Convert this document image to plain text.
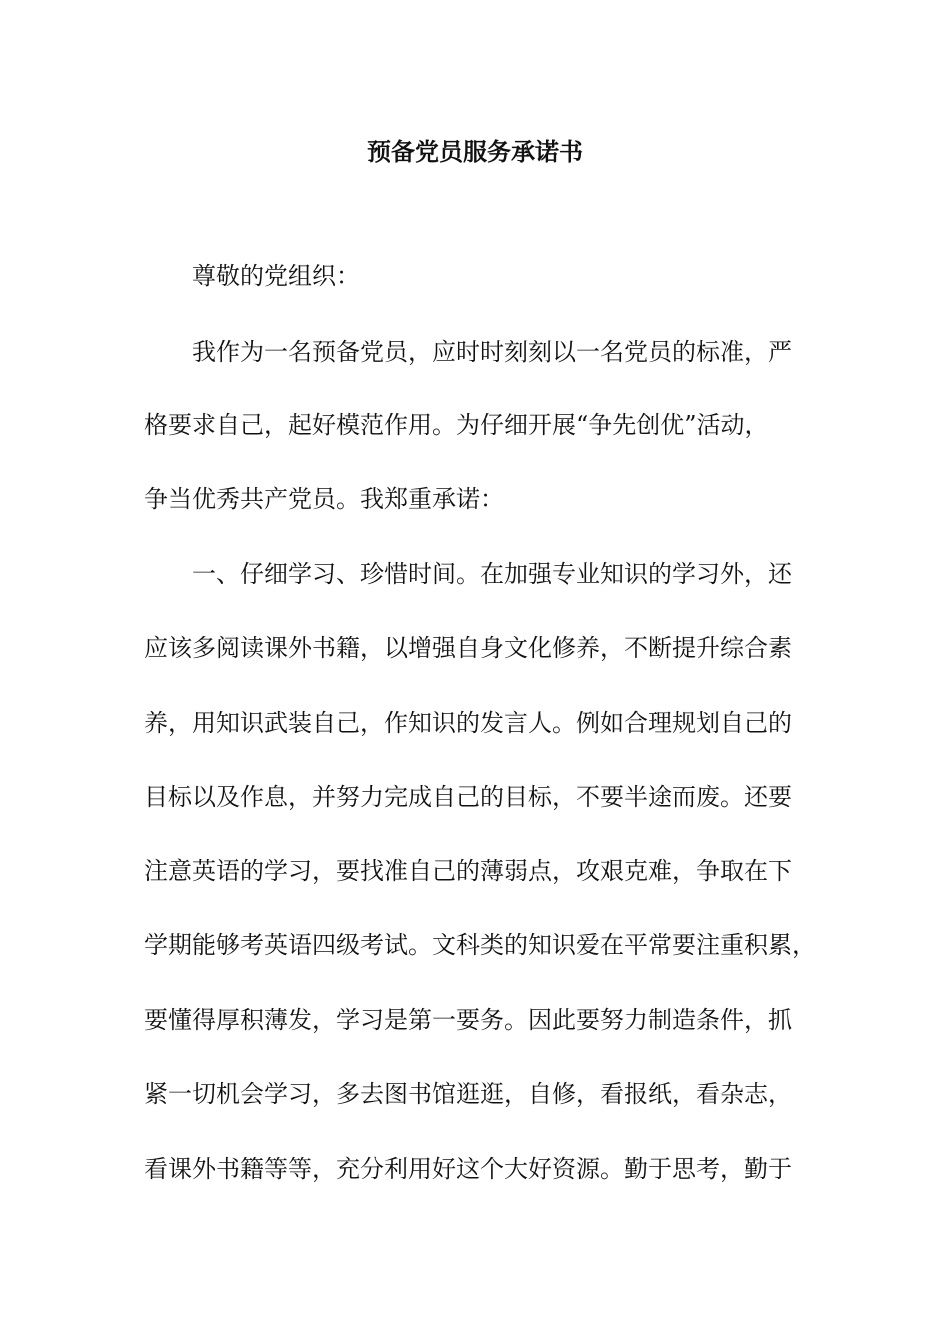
预备党员服务承诺书
尊敬的党组织：
我作为一名预备党员，应时时刻刻以一名党员的标准，严
格要求自己，起好模范作用。为仔细开展“争先创优”活动，
争当优秀共产党员。我郑重承诺：
一、仔细学习、珍惜时间。在加强专业知识的学习外，还
应该多阅读课外书籍，以增强自身文化修养，不断提升综合素
养，用知识武装自己，作知识的发言人。例如合理规划自己的
目标以及作息，并努力完成自己的目标，不要半途而废。还要
注意英语的学习，要找准自己的薄弱点，攻艰克难，争取在下
学期能够考英语四级考试。文科类的知识爱在平常要注重积累，
要懂得厚积薄发，学习是第一要务。因此要努力制造条件，抓
紧一切机会学习，多去图书馆逛逛，自修，看报纸，看杂志，
看课外书籍等等，充分利用好这个大好资源。勤于思考，勤于
